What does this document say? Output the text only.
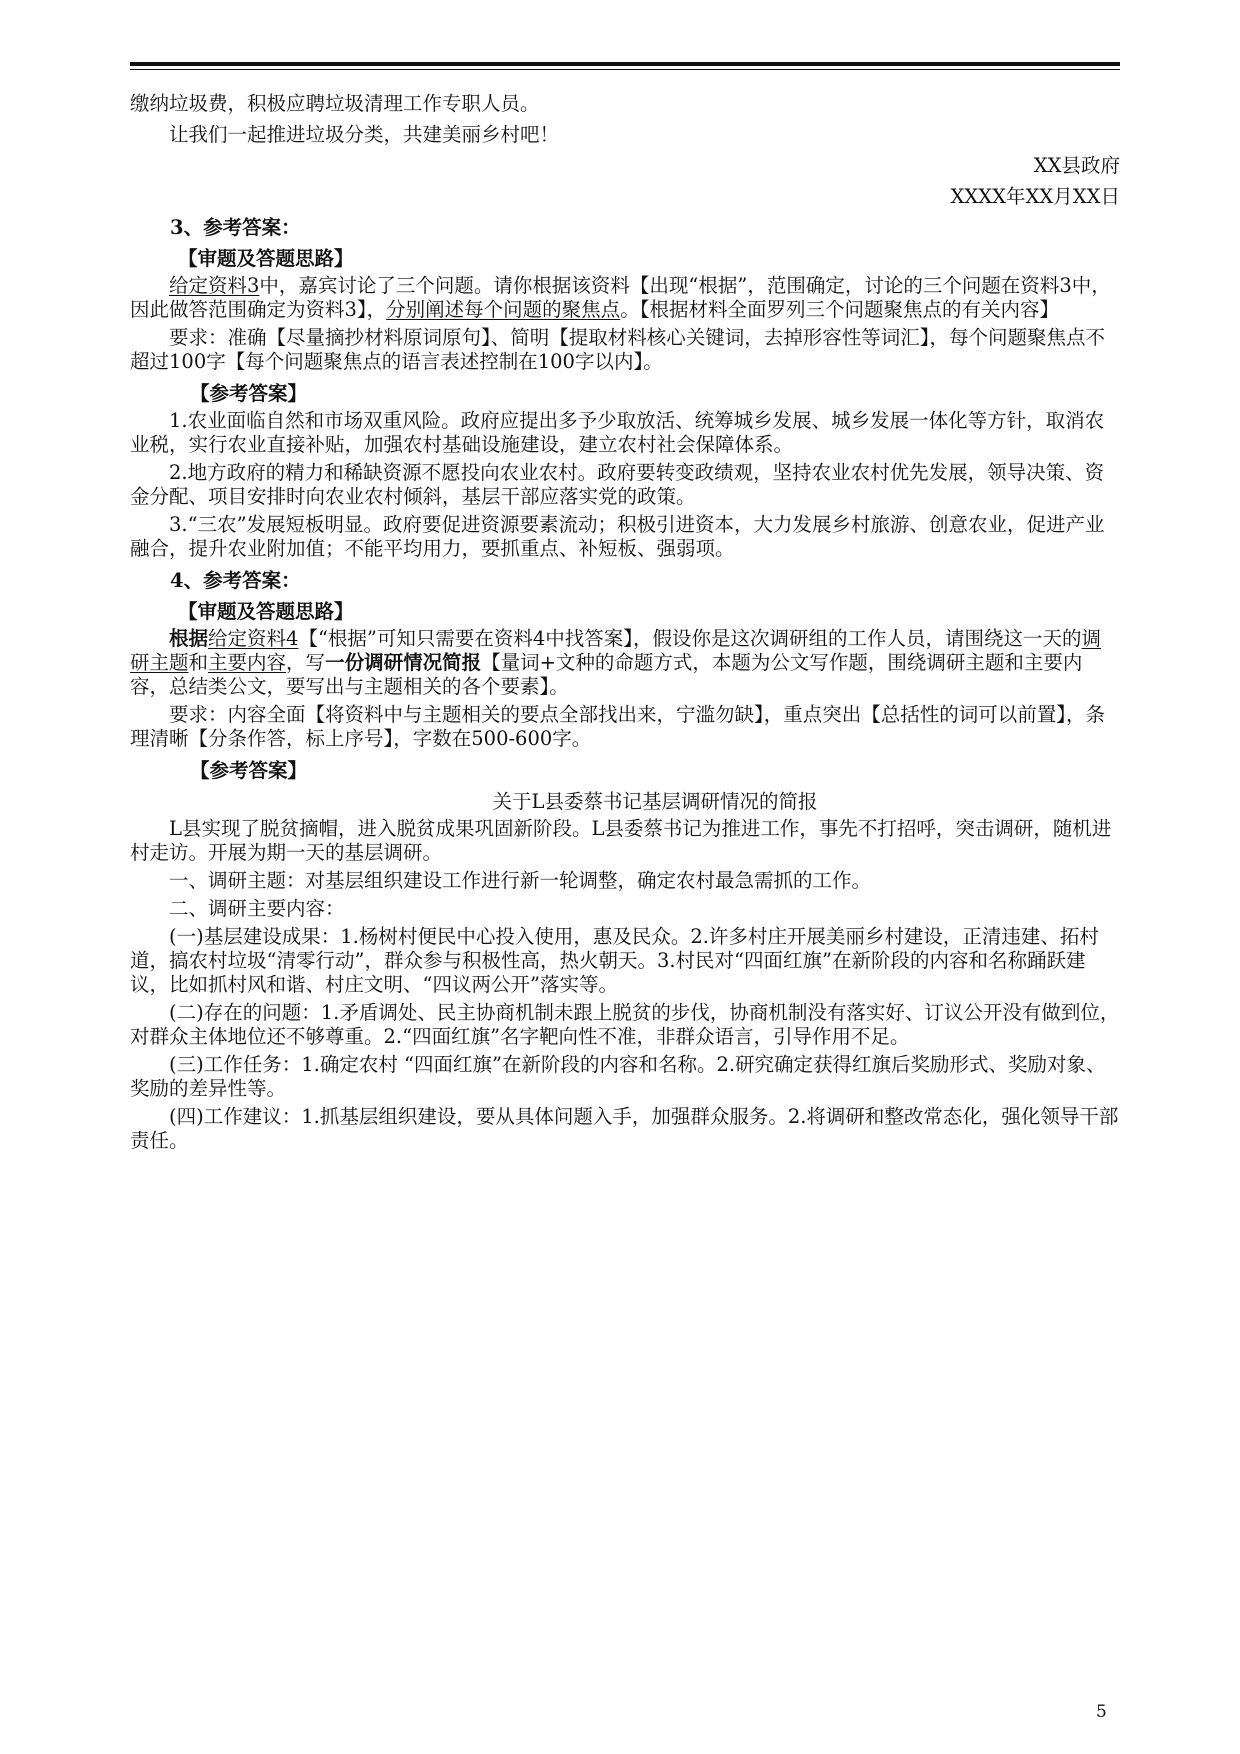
缴纳垃圾费，积极应聘垃圾清理工作专职人员。

让我们一起推进垃圾分类，共建美丽乡村吧！

XX县政府

XXXX年XX月XX日

3、参考答案：

【审题及答题思路】

给定资料3中，嘉宾讨论了三个问题。请你根据该资料【出现“根据”，范围确定，讨论的三个问题在资料3中，因此做答范围确定为资料3】，分别阐述每个问题的聚焦点。【根据材料全面罗列三个问题聚焦点的有关内容】

要求：准确【尽量摘抄材料原词原句】、简明【提取材料核心关键词，去掉形容性等词汇】，每个问题聚焦点不超过100字【每个问题聚焦点的语言表述控制在100字以内】。

【参考答案】

1.农业面临自然和市场双重风险。政府应提出多予少取放活、统筹城乡发展、城乡发展一体化等方针，取消农业税，实行农业直接补贴，加强农村基础设施建设，建立农村社会保障体系。

2.地方政府的精力和稀缺资源不愿投向农业农村。政府要转变政绩观，坚持农业农村优先发展，领导决策、资金分配、项目安排时向农业农村倾斜，基层干部应落实党的政策。

3.“三农”发展短板明显。政府要促进资源要素流动；积极引进资本，大力发展乡村旅游、创意农业，促进产业融合，提升农业附加值；不能平均用力，要抓重点、补短板、强弱项。

4、参考答案：

【审题及答题思路】

根据给定资料4【“根据”可知只需要在资料4中找答案】，假设你是这次调研组的工作人员，请围绕这一天的调研主题和主要内容，写一份调研情况简报【量词+文种的命题方式，本题为公文写作题，围绕调研主题和主要内容，总结类公文，要写出与主题相关的各个要素】。

要求：内容全面【将资料中与主题相关的要点全部找出来，宁滥勿缺】，重点突出【总括性的词可以前置】，条理清晰【分条作答，标上序号】，字数在500-600字。

【参考答案】

关于L县委蔡书记基层调研情况的简报

L县实现了脱贫摘帽，进入脱贫成果巩固新阶段。L县委蔡书记为推进工作，事先不打招呼，突击调研，随机进村走访。开展为期一天的基层调研。

一、调研主题：对基层组织建设工作进行新一轮调整，确定农村最急需抓的工作。

二、调研主要内容：

(一)基层建设成果：1.杨树村便民中心投入使用，惠及民众。2.许多村庄开展美丽乡村建设，正清违建、拓村道，搞农村垃圾“清零行动”，群众参与积极性高，热火朝天。3.村民对“四面红旗”在新阶段的内容和名称踊跃建议，比如抓村风和谐、村庄文明、“四议两公开”落实等。

(二)存在的问题：1.矛盾调处、民主协商机制未跟上脱贫的步伐，协商机制没有落实好、订议公开没有做到位，对群众主体地位还不够尊重。2.“四面红旗”名字靶向性不准，非群众语言，引导作用不足。

(三)工作任务：1.确定农村 “四面红旗”在新阶段的内容和名称。2.研究确定获得红旗后奖励形式、奖励对象、奖励的差异性等。

(四)工作建议：1.抓基层组织建设，要从具体问题入手，加强群众服务。2.将调研和整改常态化，强化领导干部责任。

5
